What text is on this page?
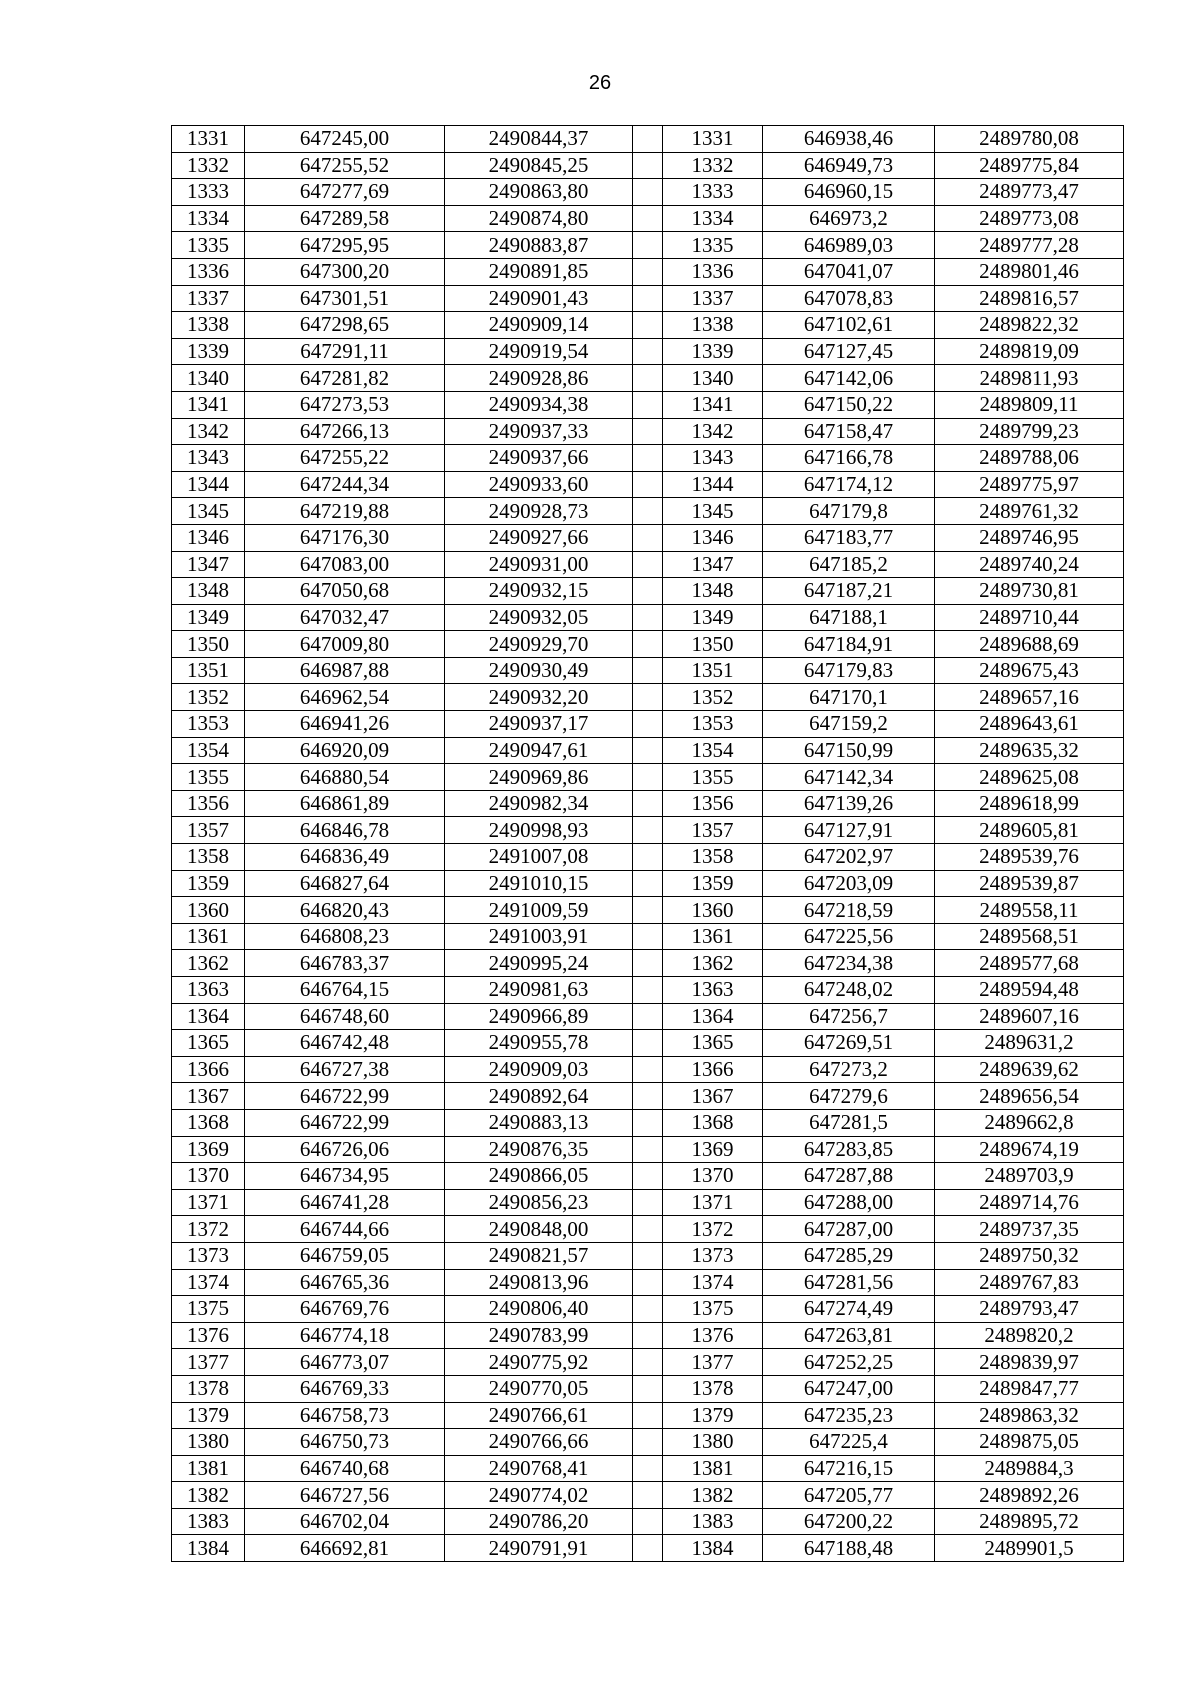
26
1331	647245,00	2490844,37		1331	646938,46	2489780,08
1332	647255,52	2490845,25		1332	646949,73	2489775,84
1333	647277,69	2490863,80		1333	646960,15	2489773,47
1334	647289,58	2490874,80		1334	646973,2	2489773,08
1335	647295,95	2490883,87		1335	646989,03	2489777,28
1336	647300,20	2490891,85		1336	647041,07	2489801,46
1337	647301,51	2490901,43		1337	647078,83	2489816,57
1338	647298,65	2490909,14		1338	647102,61	2489822,32
1339	647291,11	2490919,54		1339	647127,45	2489819,09
1340	647281,82	2490928,86		1340	647142,06	2489811,93
1341	647273,53	2490934,38		1341	647150,22	2489809,11
1342	647266,13	2490937,33		1342	647158,47	2489799,23
1343	647255,22	2490937,66		1343	647166,78	2489788,06
1344	647244,34	2490933,60		1344	647174,12	2489775,97
1345	647219,88	2490928,73		1345	647179,8	2489761,32
1346	647176,30	2490927,66		1346	647183,77	2489746,95
1347	647083,00	2490931,00		1347	647185,2	2489740,24
1348	647050,68	2490932,15		1348	647187,21	2489730,81
1349	647032,47	2490932,05		1349	647188,1	2489710,44
1350	647009,80	2490929,70		1350	647184,91	2489688,69
1351	646987,88	2490930,49		1351	647179,83	2489675,43
1352	646962,54	2490932,20		1352	647170,1	2489657,16
1353	646941,26	2490937,17		1353	647159,2	2489643,61
1354	646920,09	2490947,61		1354	647150,99	2489635,32
1355	646880,54	2490969,86		1355	647142,34	2489625,08
1356	646861,89	2490982,34		1356	647139,26	2489618,99
1357	646846,78	2490998,93		1357	647127,91	2489605,81
1358	646836,49	2491007,08		1358	647202,97	2489539,76
1359	646827,64	2491010,15		1359	647203,09	2489539,87
1360	646820,43	2491009,59		1360	647218,59	2489558,11
1361	646808,23	2491003,91		1361	647225,56	2489568,51
1362	646783,37	2490995,24		1362	647234,38	2489577,68
1363	646764,15	2490981,63		1363	647248,02	2489594,48
1364	646748,60	2490966,89		1364	647256,7	2489607,16
1365	646742,48	2490955,78		1365	647269,51	2489631,2
1366	646727,38	2490909,03		1366	647273,2	2489639,62
1367	646722,99	2490892,64		1367	647279,6	2489656,54
1368	646722,99	2490883,13		1368	647281,5	2489662,8
1369	646726,06	2490876,35		1369	647283,85	2489674,19
1370	646734,95	2490866,05		1370	647287,88	2489703,9
1371	646741,28	2490856,23		1371	647288,00	2489714,76
1372	646744,66	2490848,00		1372	647287,00	2489737,35
1373	646759,05	2490821,57		1373	647285,29	2489750,32
1374	646765,36	2490813,96		1374	647281,56	2489767,83
1375	646769,76	2490806,40		1375	647274,49	2489793,47
1376	646774,18	2490783,99		1376	647263,81	2489820,2
1377	646773,07	2490775,92		1377	647252,25	2489839,97
1378	646769,33	2490770,05		1378	647247,00	2489847,77
1379	646758,73	2490766,61		1379	647235,23	2489863,32
1380	646750,73	2490766,66		1380	647225,4	2489875,05
1381	646740,68	2490768,41		1381	647216,15	2489884,3
1382	646727,56	2490774,02		1382	647205,77	2489892,26
1383	646702,04	2490786,20		1383	647200,22	2489895,72
1384	646692,81	2490791,91		1384	647188,48	2489901,5
